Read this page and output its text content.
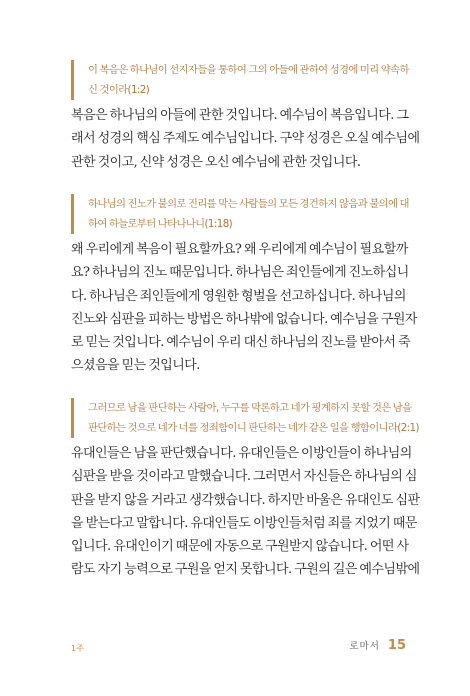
이 복음은 하나님이 선지자들을 통하여 그의 아들에 관하여 성경에 미리 약속하
신 것이라(1:2)
복음은 하나님의 아들에 관한 것입니다. 예수님이 복음입니다. 그
래서 성경의 핵심 주제도 예수님입니다. 구약 성경은 오실 예수님에
관한 것이고, 신약 성경은 오신 예수님에 관한 것입니다.
하나님의 진노가 불의로 진리를 막는 사람들의 모든 경건하지 않음과 불의에 대
하여 하늘로부터 나타나나니(1:18)
왜 우리에게 복음이 필요할까요? 왜 우리에게 예수님이 필요할까
요? 하나님의 진노 때문입니다. 하나님은 죄인들에게 진노하십니
다. 하나님은 죄인들에게 영원한 형벌을 선고하십니다. 하나님의
진노와 심판을 피하는 방법은 하나밖에 없습니다. 예수님을 구원자
로 믿는 것입니다. 예수님이 우리 대신 하나님의 진노를 받아서 죽
으셨음을 믿는 것입니다.
그러므로 남을 판단하는 사람아, 누구를 막론하고 네가 핑계하지 못할 것은 남을
판단하는 것으로 네가 너를 정죄함이니 판단하는 네가 같은 일을 행함이니라(2:1)
유대인들은 남을 판단했습니다. 유대인들은 이방인들이 하나님의
심판을 받을 것이라고 말했습니다. 그러면서 자신들은 하나님의 심
판을 받지 않을 거라고 생각했습니다. 하지만 바울은 유대인도 심판
을 받는다고 말합니다. 유대인들도 이방인들처럼 죄를 지었기 때문
입니다. 유대인이기 때문에 자동으로 구원받지 않습니다. 어떤 사
람도 자기 능력으로 구원을 얻지 못합니다. 구원의 길은 예수님밖에
1주	로마서 15
